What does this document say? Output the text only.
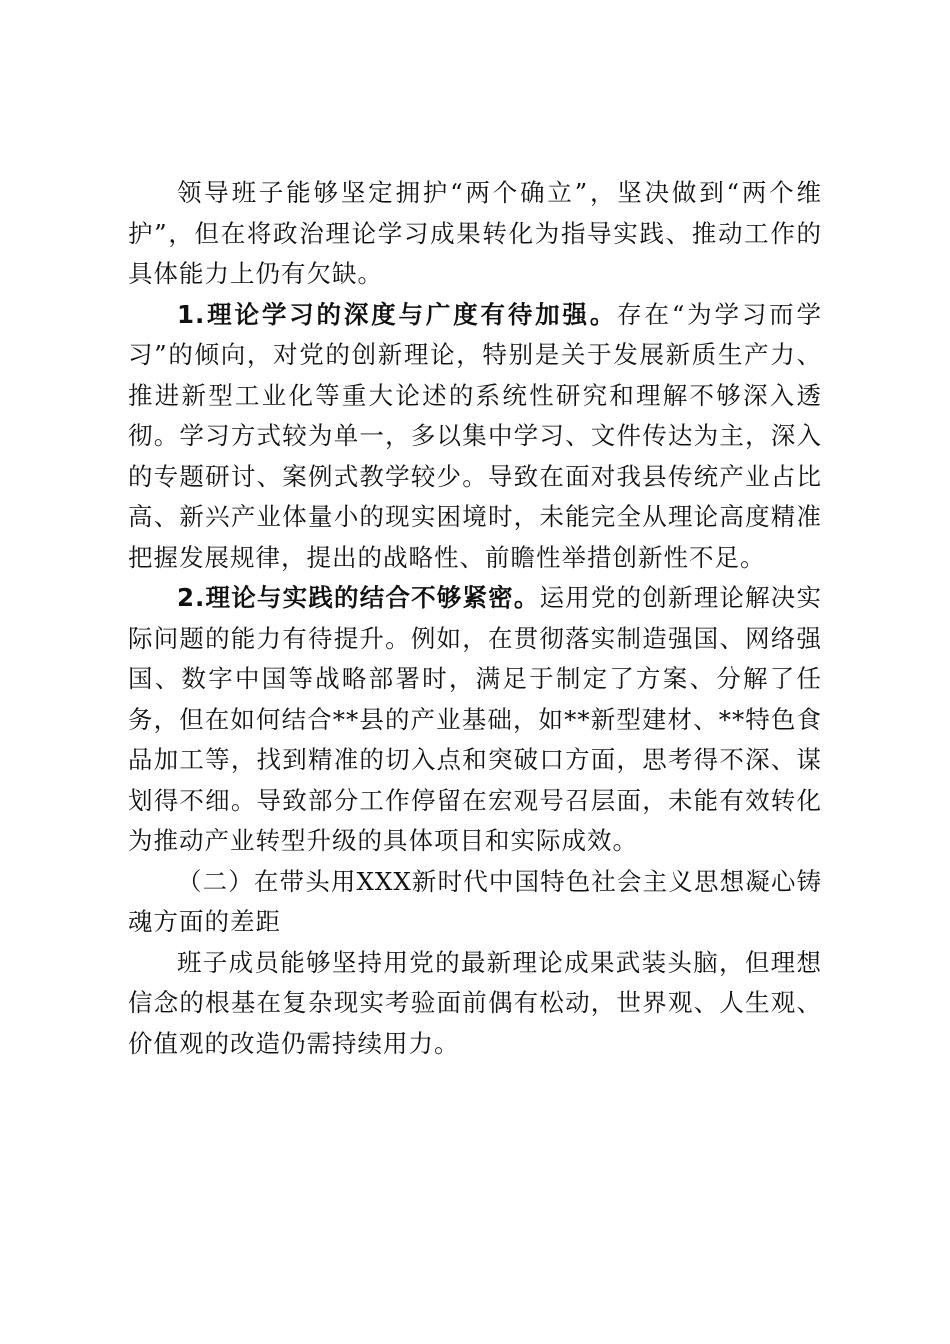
领导班子能够坚定拥护“两个确立”，坚决做到“两个维护”，但在将政治理论学习成果转化为指导实践、推动工作的具体能力上仍有欠缺。

1.理论学习的深度与广度有待加强。存在“为学习而学习”的倾向，对党的创新理论，特别是关于发展新质生产力、推进新型工业化等重大论述的系统性研究和理解不够深入透彻。学习方式较为单一，多以集中学习、文件传达为主，深入的专题研讨、案例式教学较少。导致在面对我县传统产业占比高、新兴产业体量小的现实困境时，未能完全从理论高度精准把握发展规律，提出的战略性、前瞻性举措创新性不足。

2.理论与实践的结合不够紧密。运用党的创新理论解决实际问题的能力有待提升。例如，在贯彻落实制造强国、网络强国、数字中国等战略部署时，满足于制定了方案、分解了任务，但在如何结合**县的产业基础，如**新型建材、**特色食品加工等，找到精准的切入点和突破口方面，思考得不深、谋划得不细。导致部分工作停留在宏观号召层面，未能有效转化为推动产业转型升级的具体项目和实际成效。

（二）在带头用XXX新时代中国特色社会主义思想凝心铸魂方面的差距

班子成员能够坚持用党的最新理论成果武装头脑，但理想信念的根基在复杂现实考验面前偶有松动，世界观、人生观、价值观的改造仍需持续用力。
